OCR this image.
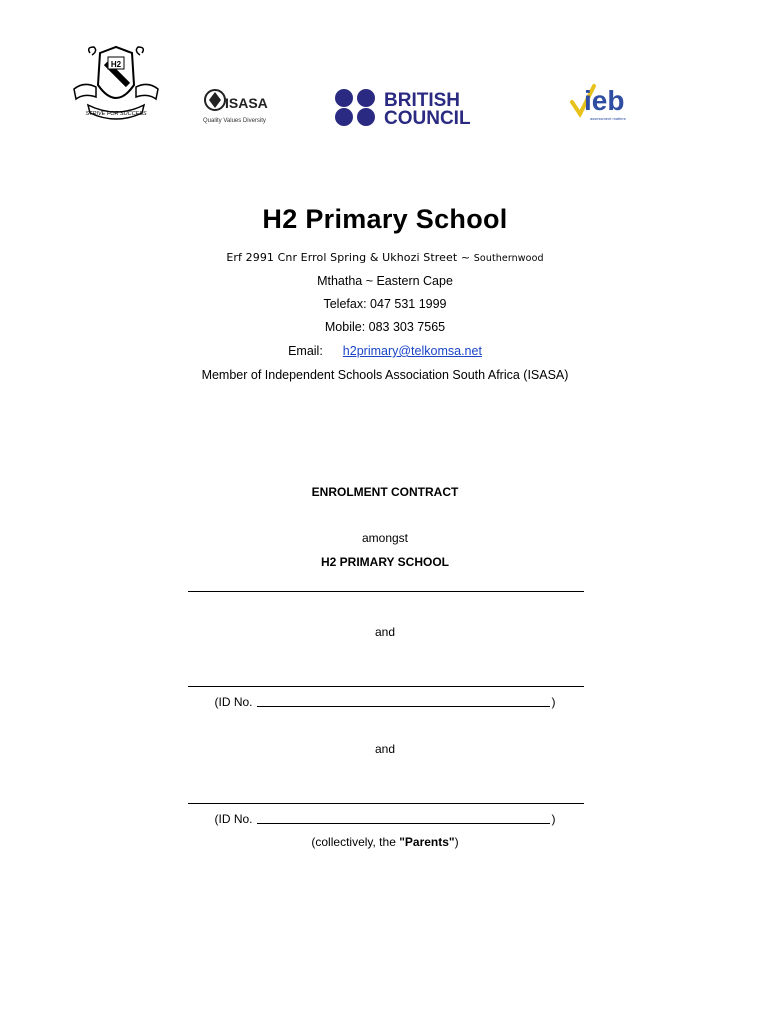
H2
STRIVE FOR SUCCESS
ISASA
Quality Values Diversity
BRITISH
COUNCIL
ieb
assessment matters
H2 Primary School
Erf 2991 Cnr Errol Spring & Ukhozi Street ~ Southernwood
Mthatha ~ Eastern Cape
Telefax: 047 531 1999
Mobile: 083 303 7565
Email: h2primary@telkomsa.net
Member of Independent Schools Association South Africa (ISASA)
ENROLMENT CONTRACT
amongst
H2 PRIMARY SCHOOL
and
(ID No.	)
and
(ID No.	)
(collectively, the "Parents")
